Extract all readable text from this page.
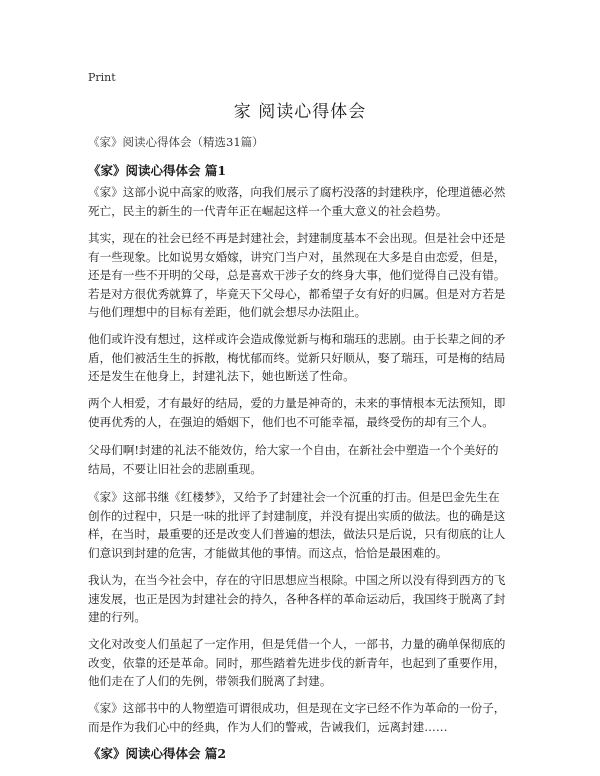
Print
家 阅读心得体会
《家》阅读心得体会（精选31篇）
《家》阅读心得体会 篇1
《家》这部小说中高家的败落，向我们展示了腐朽没落的封建秩序，伦理道德必然
死亡，民主的新生的一代青年正在崛起这样一个重大意义的社会趋势。
其实，现在的社会已经不再是封建社会，封建制度基本不会出现。但是社会中还是
有一些现象。比如说男女婚嫁，讲究门当户对，虽然现在大多是自由恋爱，但是，
还是有一些不开明的父母，总是喜欢干涉子女的终身大事，他们觉得自己没有错。
若是对方很优秀就算了，毕竟天下父母心，都希望子女有好的归属。但是对方若是
与他们理想中的目标有差距，他们就会想尽办法阻止。
他们或许没有想过，这样或许会造成像觉新与梅和瑞珏的悲剧。由于长辈之间的矛
盾，他们被活生生的拆散，梅忧郁而终。觉新只好顺从，娶了瑞珏，可是梅的结局
还是发生在他身上，封建礼法下，她也断送了性命。
两个人相爱，才有最好的结局，爱的力量是神奇的，未来的事情根本无法预知，即
使再优秀的人，在强迫的婚姻下，他们也不可能幸福，最终受伤的却有三个人。
父母们啊!封建的礼法不能效仿，给大家一个自由，在新社会中塑造一个个美好的
结局，不要让旧社会的悲剧重现。
《家》这部书继《红楼梦》，又给予了封建社会一个沉重的打击。但是巴金先生在
创作的过程中，只是一味的批评了封建制度，并没有提出实质的做法。也的确是这
样，在当时，最重要的还是改变人们普遍的想法，做法只是后说，只有彻底的让人
们意识到封建的危害，才能做其他的事情。而这点，恰恰是最困难的。
我认为，在当今社会中，存在的守旧思想应当根除。中国之所以没有得到西方的飞
速发展，也正是因为封建社会的持久，各种各样的革命运动后，我国终于脱离了封
建的行列。
文化对改变人们虽起了一定作用，但是凭借一个人，一部书，力量的确单保彻底的
改变，依靠的还是革命。同时，那些踏着先进步伐的新青年，也起到了重要作用，
他们走在了人们的先例，带领我们脱离了封建。
《家》这部书中的人物塑造可谓很成功，但是现在文字已经不作为革命的一份子，
而是作为我们心中的经典，作为人们的警戒，告诫我们，远离封建……
《家》阅读心得体会 篇2
